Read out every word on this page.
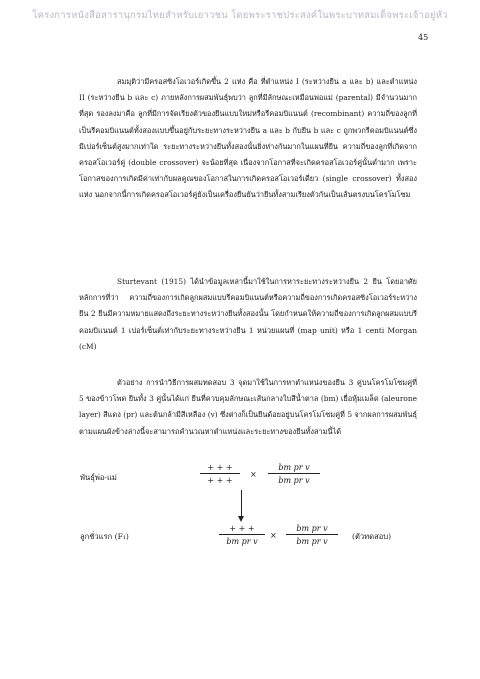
โครงการหนังสือสารานุกรมไทยสำหรับเยาวชน โดยพระราชประสงค์ในพระบาทสมเด็จพระเจ้าอยู่หัว
45

สมมุติว่ามีครอสซิงโอเวอร์เกิดขึ้น 2 แห่ง คือ ที่ตำแหน่ง I (ระหว่างยีน a และ b) และตำแหน่ง II (ระหว่างยีน b และ c) ภายหลังการผสมพันธุ์พบว่า ลูกที่มีลักษณะเหมือนพ่อแม่ (parental) มีจำนวนมากที่สุด รองลงมาคือ ลูกที่มีการจัดเรียงตัวของยีนแบบใหม่หรือรีคอมบิแนนต์ (recombinant) ความถี่ของลูกที่เป็นรีคอมบิแนนต์ทั้งสองแบบขึ้นอยู่กับระยะทางระหว่างยีน a และ b กับยีน b และ c ถูกพวกรีคอมบิแนนต์ซึ่งมีเปอร์เซ็นต์สูงมากเท่าใด ระยะทางระหว่างยีนทั้งสองนั้นยิ่งห่างกันมากในแผนที่ยีน ความถี่ของลูกที่เกิดจากครอสโอเวอร์คู่ (double crossover) จะน้อยที่สุด เนื่องจากโอกาสที่จะเกิดครอสโอเวอร์คู่นั้นต่ำมาก เพราะโอกาสของการเกิดมีค่าเท่ากับผลคูณของโอกาสในการเกิดครอสโอเวอร์เดี่ยว (single crossover) ทั้งสองแห่ง นอกจากนี้การเกิดครอสโอเวอร์คู่ยังเป็นเครื่องยืนยันว่ายีนทั้งสามเรียงตัวกันเป็นเส้นตรงบนโครโมโซม

Sturtevant (1915) ได้นำข้อมูลเหล่านี้มาใช้ในการหาระยะทางระหว่างยีน 2 ยีน โดยอาศัยหลักการที่ว่า ความถี่ของการเกิดลูกผสมแบบรีคอมบิแนนต์หรือความถี่ของการเกิดครอสซิงโอเวอร์ระหว่างยีน 2 ยีนมีความหมายแสดงถึงระยะทางระหว่างยีนทั้งสองนั้น โดยกำหนดให้ความถี่ของการเกิดลูกผสมแบบรีคอมบิแนนต์ 1 เปอร์เซ็นต์เท่ากับระยะทางระหว่างยีน 1 หน่วยแผนที่ (map unit) หรือ 1 centi Morgan (cM)

ตัวอย่าง การนำวิธีการผสมทดสอบ 3 จุดมาใช้ในการหาตำแหน่งของยีน 3 คู่บนโครโมโซมคู่ที่ 5 ของข้าวโพด ยีนทั้ง 3 คู่นั้นได้แก่ ยีนที่ควบคุมลักษณะเส้นกลางใบสีน้ำตาล (bm) เยื่อหุ้มเมล็ด (aleurone layer) สีแดง (pr) และต้นกล้ามีสีเหลือง (v) ซึ่งต่างก็เป็นยีนด้อยอยู่บนโครโมโซมคู่ที่ 5 จากผลการผสมพันธุ์ตามแผนผังข้างล่างนี้จะสามารถคำนวณหาตำแหน่งและระยะทางของยีนทั้งสามนี้ได้

พันธุ์พ่อ-แม่
+ + +
+ + +
× $\frac{\text{bm pr v}}{\text{bm pr v}}$
ลูกชั่วแรก (F₁)
+ + +
bm pr v
× $\frac{\text{bm pr v}}{\text{bm pr v}}$ (ตัวทดสอบ)
